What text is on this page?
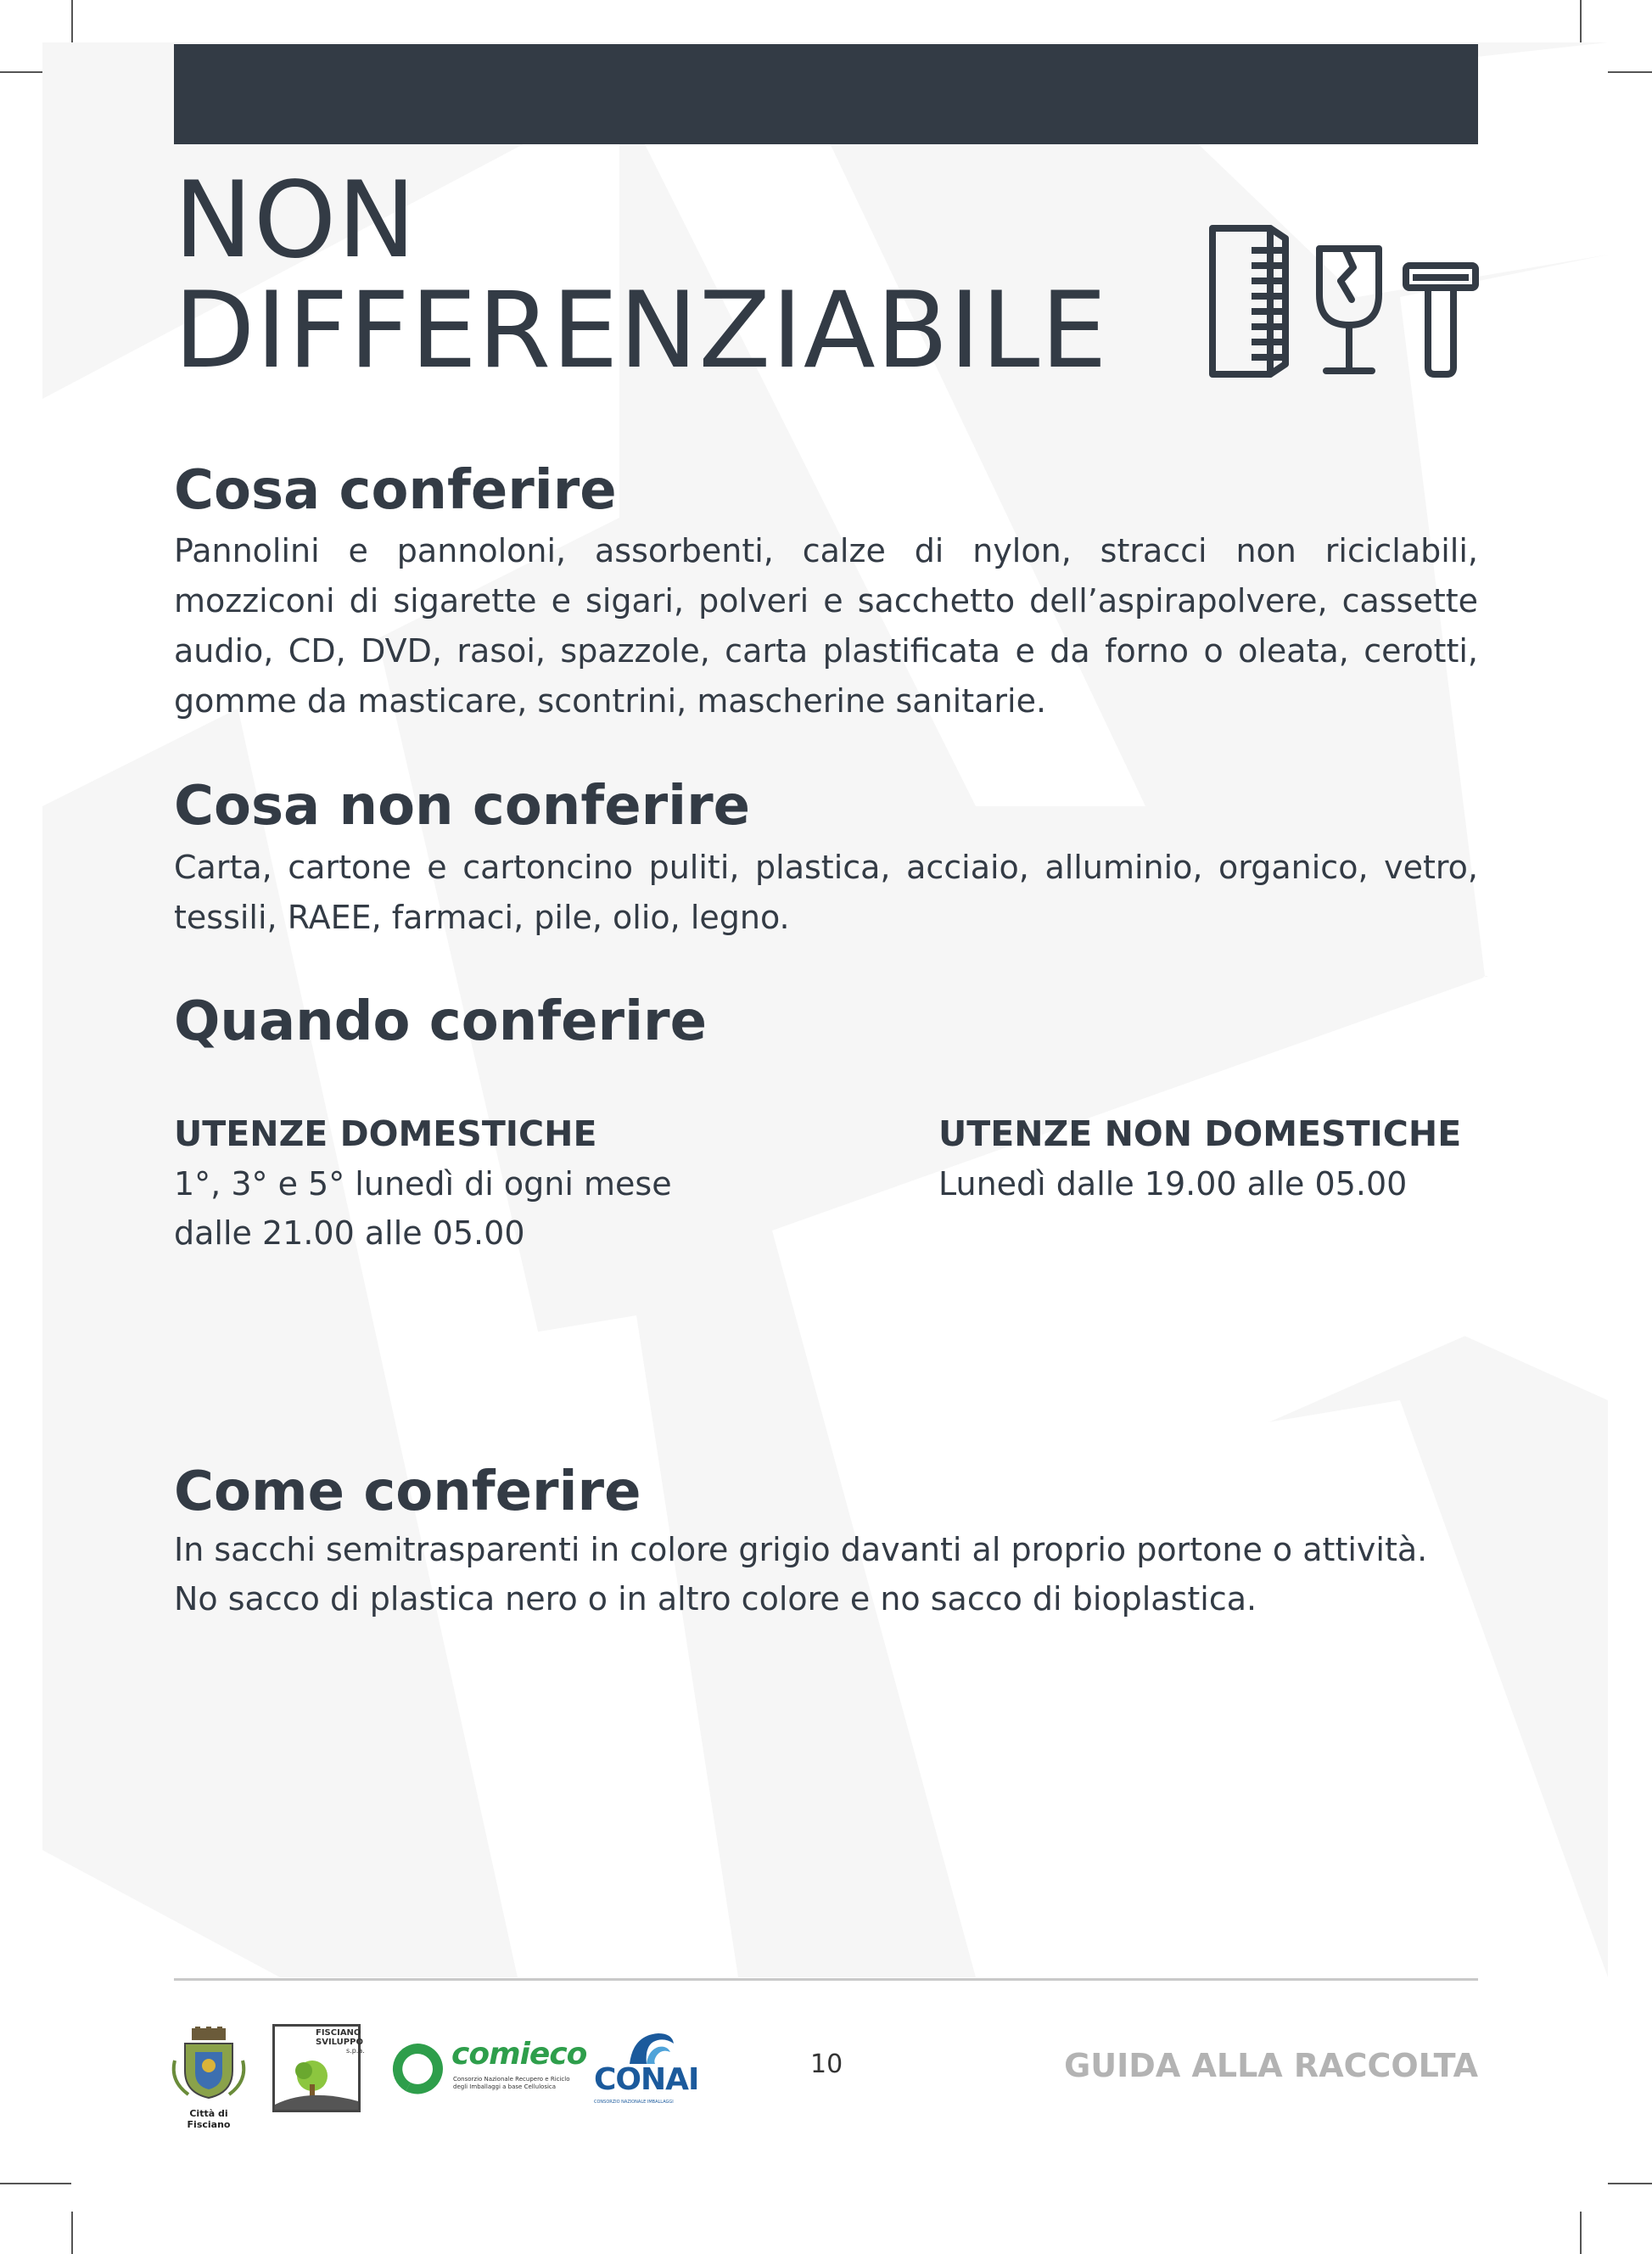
NON
DIFFERENZIABILE
Cosa conferire

Pannolini e pannoloni, assorbenti, calze di nylon, stracci non riciclabili, mozziconi di sigarette e sigari, polveri e sacchetto dell’aspirapolvere, cassette audio, CD, DVD, rasoi, spazzole, carta plastificata e da forno o oleata, cerotti, gomme da masticare, scontrini, mascherine sanitarie.

Cosa non conferire

Carta, cartone e cartoncino puliti, plastica, acciaio, alluminio, organico, vetro, tessili, RAEE, farmaci, pile, olio, legno.

Quando conferire
UTENZE DOMESTICHE
1°, 3° e 5° lunedì di ogni mese
dalle 21.00 alle 05.00
UTENZE NON DOMESTICHE
Lunedì dalle 19.00 alle 05.00
Come conferire
In sacchi semitrasparenti in colore grigio davanti al proprio portone o attività.
No sacco di plastica nero o in altro colore e no sacco di bioplastica.
Città di Fisciano
FISCIANO
SVILUPPO
s.p.a.	comieco
Consorzio Nazionale Recupero e Riciclo
degli Imballaggi a base Cellulosica	CONAI
CONSORZIO NAZIONALE IMBALLAGGI
10	GUIDA ALLA RACCOLTA
